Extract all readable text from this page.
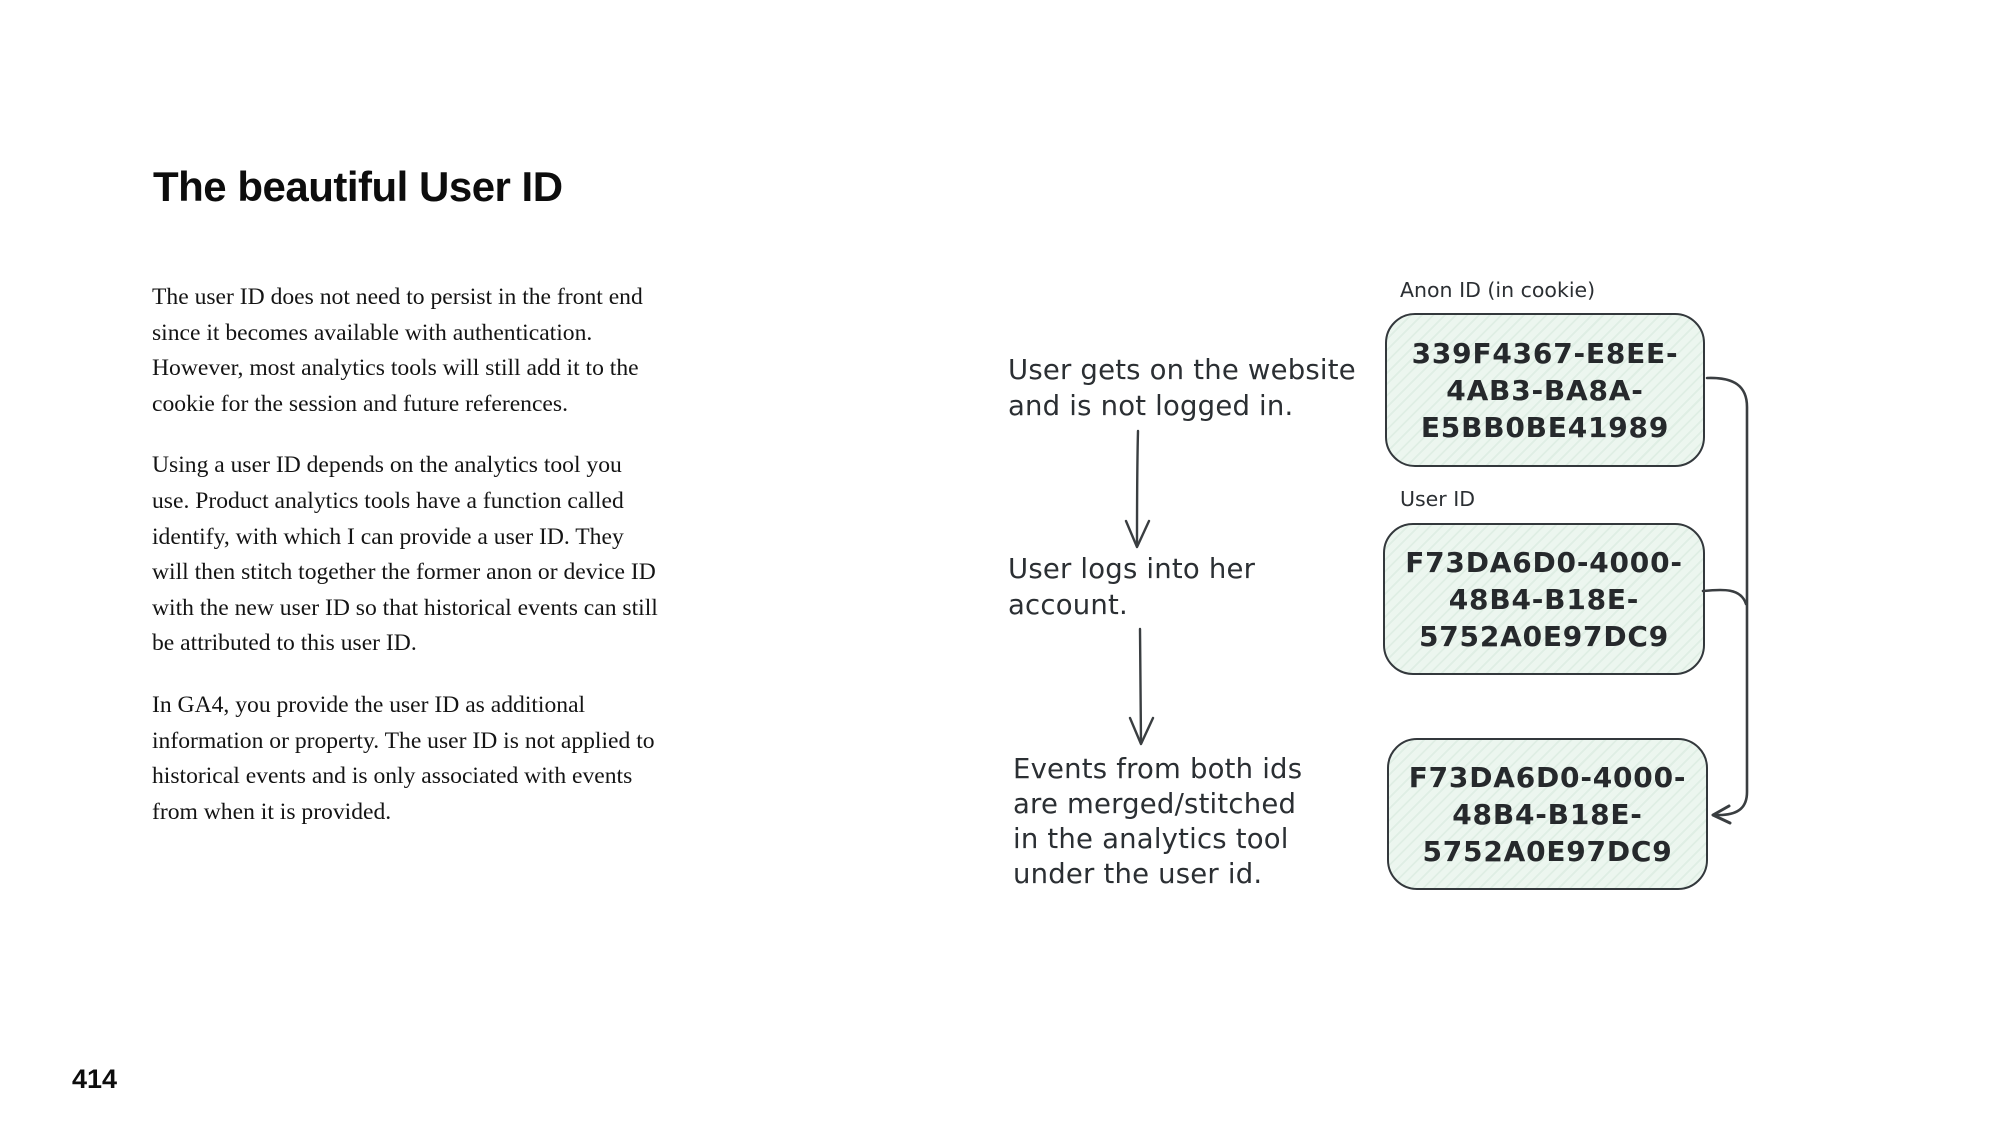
The beautiful User ID

The user ID does not need to persist in the front end since it becomes available with authentication. However, most analytics tools will still add it to the cookie for the session and future references.

Using a user ID depends on the analytics tool you use. Product analytics tools have a function called identify, with which I can provide a user ID. They will then stitch together the former anon or device ID with the new user ID so that historical events can still be attributed to this user ID.

In GA4, you provide the user ID as additional information or property. The user ID is not applied to historical events and is only associated with events from when it is provided.

414
User gets on the website
and is not logged in.
User logs into her
account.
Events from both ids
are merged/stitched
in the analytics tool
under the user id.
Anon ID (in cookie)
User ID
339F4367-E8EE-
4AB3-BA8A-
E5BB0BE41989
F73DA6D0-4000-
48B4-B18E-
5752A0E97DC9
F73DA6D0-4000-
48B4-B18E-
5752A0E97DC9
